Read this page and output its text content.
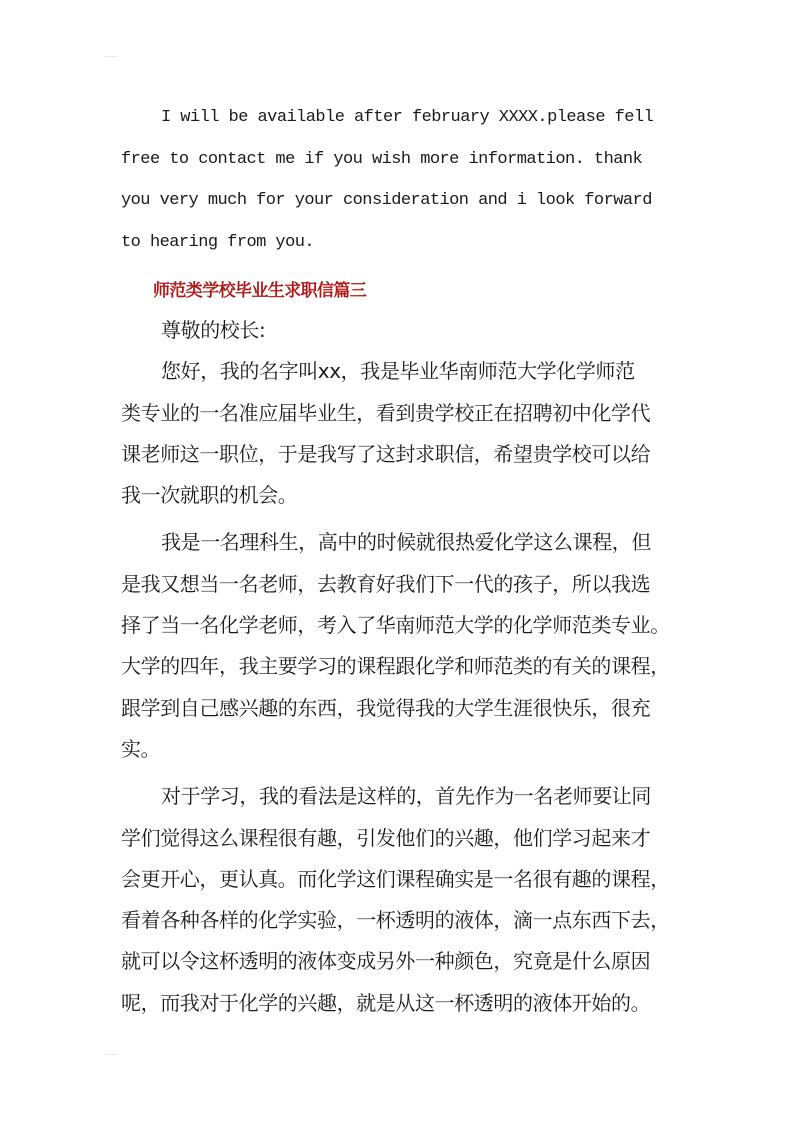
I will be available after february XXXX.please fell
free to contact me if you wish more information. thank
you very much for your consideration and i look forward
to hearing from you.
师范类学校毕业生求职信篇三
尊敬的校长:
您好，我的名字叫xx，我是毕业华南师范大学化学师范
类专业的一名准应届毕业生，看到贵学校正在招聘初中化学代
课老师这一职位，于是我写了这封求职信，希望贵学校可以给
我一次就职的机会。
我是一名理科生，高中的时候就很热爱化学这么课程，但
是我又想当一名老师，去教育好我们下一代的孩子，所以我选
择了当一名化学老师，考入了华南师范大学的化学师范类专业。
大学的四年，我主要学习的课程跟化学和师范类的有关的课程，
跟学到自己感兴趣的东西，我觉得我的大学生涯很快乐，很充
实。
对于学习，我的看法是这样的，首先作为一名老师要让同
学们觉得这么课程很有趣，引发他们的兴趣，他们学习起来才
会更开心，更认真。而化学这们课程确实是一名很有趣的课程，
看着各种各样的化学实验，一杯透明的液体，滴一点东西下去，
就可以令这杯透明的液体变成另外一种颜色，究竟是什么原因
呢，而我对于化学的兴趣，就是从这一杯透明的液体开始的。
